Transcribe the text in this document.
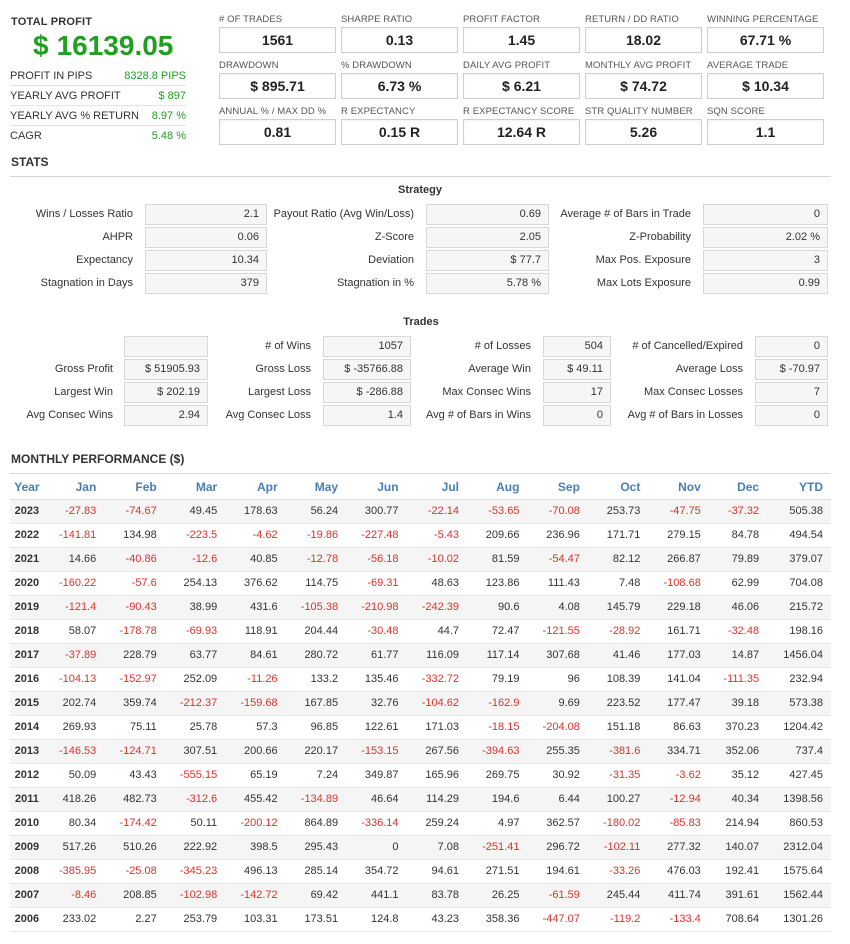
TOTAL PROFIT
$ 16139.05
PROFIT IN PIPS	8328.8 PIPS
YEARLY AVG PROFIT	$ 897
YEARLY AVG % RETURN 8.97 %
CAGR	5.48 %
# OF TRADES
1561
SHARPE RATIO
0.13
PROFIT FACTOR
1.45
RETURN / DD RATIO
18.02
WINNING PERCENTAGE
67.71 %
DRAWDOWN
$ 895.71
% DRAWDOWN
6.73 %
DAILY AVG PROFIT
$ 6.21
MONTHLY AVG PROFIT
$ 74.72
AVERAGE TRADE
$ 10.34
ANNUAL % / MAX DD %
0.81
R EXPECTANCY
0.15 R
R EXPECTANCY SCORE
12.64 R
STR QUALITY NUMBER
5.26
SQN SCORE
1.1
STATS
Strategy
Wins / Losses Ratio	2.1	Payout Ratio (Avg Win/Loss)	0.69	Average # of Bars in Trade	0
AHPR	0.06	Z-Score	2.05	Z-Probability	2.02 %
Expectancy	10.34	Deviation	$ 77.7	Max Pos. Exposure	3
Stagnation in Days	379	Stagnation in %	5.78 %	Max Lots Exposure	0.99
Trades
# of Wins	1057	# of Losses	504	# of Cancelled/Expired	0
Gross Profit	$ 51905.93	Gross Loss	$ -35766.88	Average Win	$ 49.11	Average Loss	$ -70.97
Largest Win	$ 202.19	Largest Loss	$ -286.88	Max Consec Wins	17	Max Consec Losses	7
Avg Consec Wins	2.94	Avg Consec Loss	1.4	Avg # of Bars in Wins	0	Avg # of Bars in Losses	0
MONTHLY PERFORMANCE ($)
Year	Jan	Feb	Mar	Apr	May	Jun	Jul	Aug	Sep	Oct	Nov	Dec	YTD
2023	-27.83	-74.67	49.45	178.63	56.24	300.77	-22.14	-53.65	-70.08	253.73	-47.75	-37.32	505.38
2022	-141.81	134.98	-223.5	-4.62	-19.86	-227.48	-5.43	209.66	236.96	171.71	279.15	84.78	494.54
2021	14.66	-40.86	-12.6	40.85	-12.78	-56.18	-10.02	81.59	-54.47	82.12	266.87	79.89	379.07
2020	-160.22	-57.6	254.13	376.62	114.75	-69.31	48.63	123.86	111.43	7.48	-108.68	62.99	704.08
2019	-121.4	-90.43	38.99	431.6	-105.38	-210.98	-242.39	90.6	4.08	145.79	229.18	46.06	215.72
2018	58.07	-178.78	-69.93	118.91	204.44	-30.48	44.7	72.47	-121.55	-28.92	161.71	-32.48	198.16
2017	-37.89	228.79	63.77	84.61	280.72	61.77	116.09	117.14	307.68	41.46	177.03	14.87	1456.04
2016	-104.13	-152.97	252.09	-11.26	133.2	135.46	-332.72	79.19	96	108.39	141.04	-111.35	232.94
2015	202.74	359.74	-212.37	-159.68	167.85	32.76	-104.62	-162.9	9.69	223.52	177.47	39.18	573.38
2014	269.93	75.11	25.78	57.3	96.85	122.61	171.03	-18.15	-204.08	151.18	86.63	370.23	1204.42
2013	-146.53	-124.71	307.51	200.66	220.17	-153.15	267.56	-394.63	255.35	-381.6	334.71	352.06	737.4
2012	50.09	43.43	-555.15	65.19	7.24	349.87	165.96	269.75	30.92	-31.35	-3.62	35.12	427.45
2011	418.26	482.73	-312.6	455.42	-134.89	46.64	114.29	194.6	6.44	100.27	-12.94	40.34	1398.56
2010	80.34	-174.42	50.11	-200.12	864.89	-336.14	259.24	4.97	362.57	-180.02	-85.83	214.94	860.53
2009	517.26	510.26	222.92	398.5	295.43	0	7.08	-251.41	296.72	-102.11	277.32	140.07	2312.04
2008	-385.95	-25.08	-345.23	496.13	285.14	354.72	94.61	271.51	194.61	-33.26	476.03	192.41	1575.64
2007	-8.46	208.85	-102.98	-142.72	69.42	441.1	83.78	26.25	-61.59	245.44	411.74	391.61	1562.44
2006	233.02	2.27	253.79	103.31	173.51	124.8	43.23	358.36	-447.07	-119.2	-133.4	708.64	1301.26
